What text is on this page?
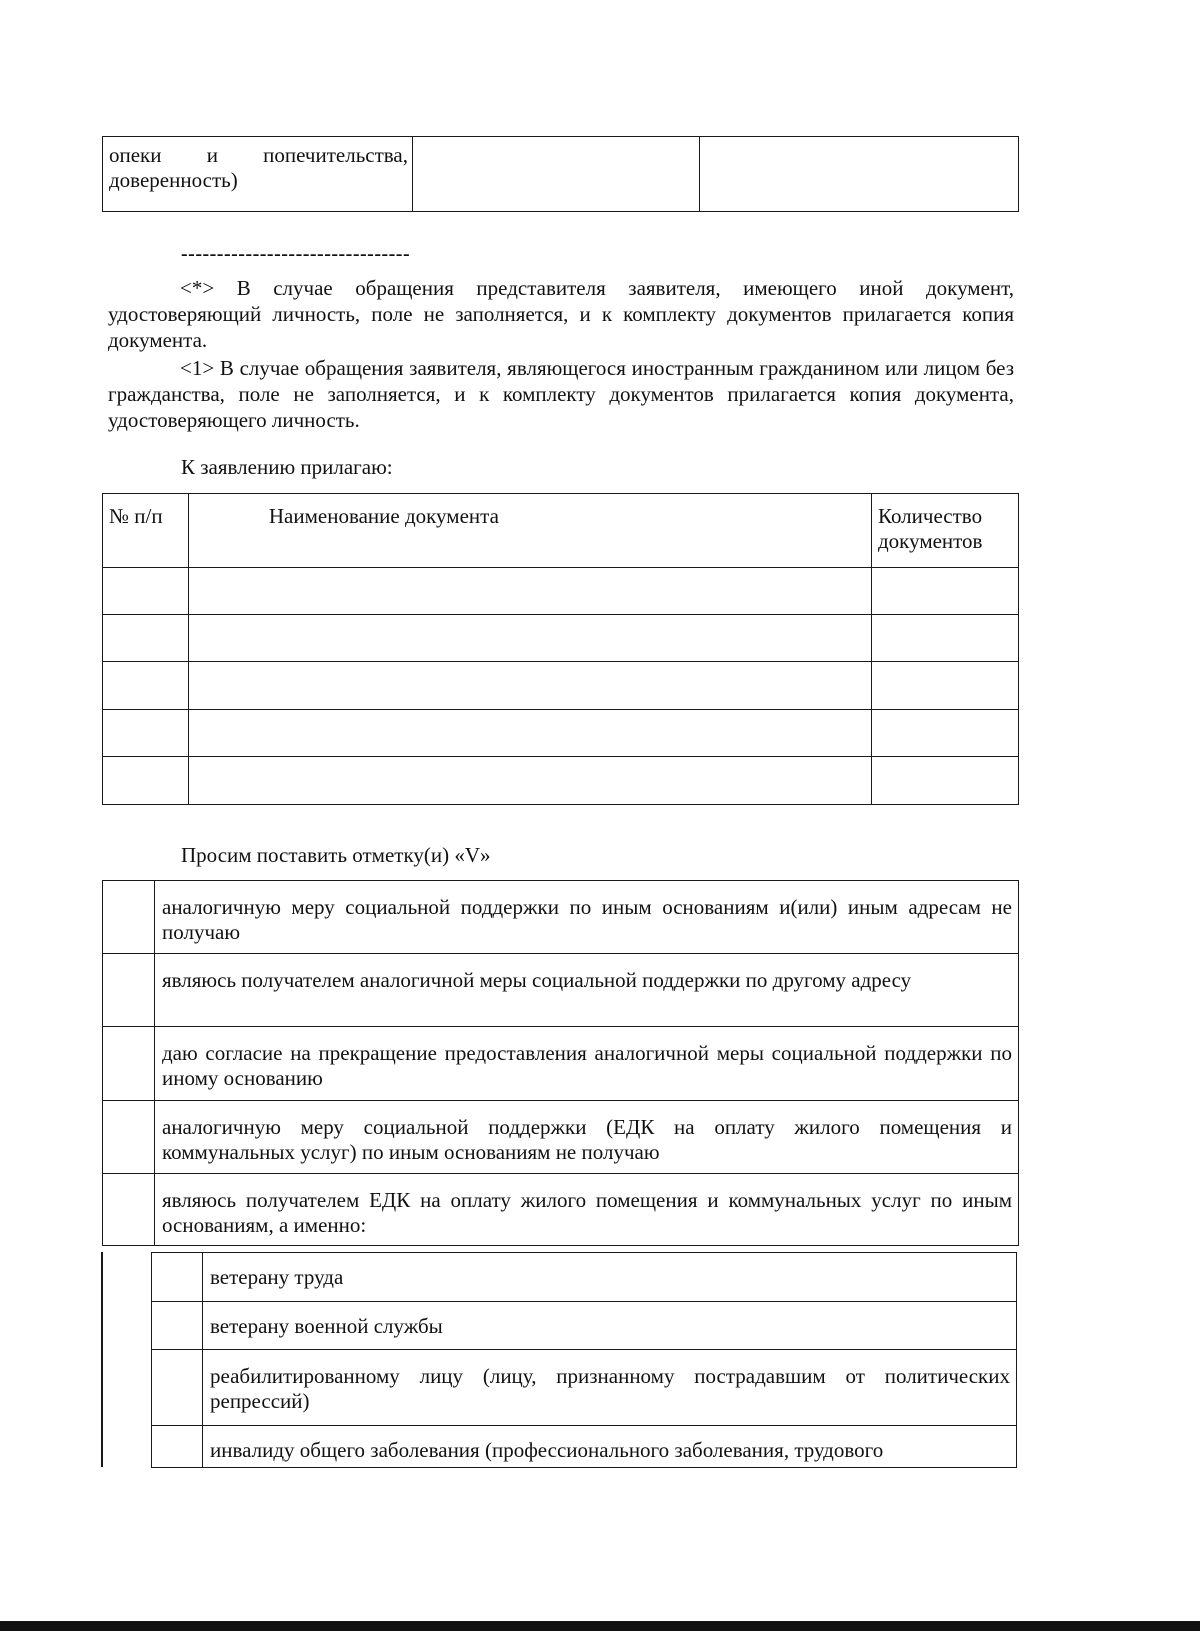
опеки и попечительства, доверенность)

--------------------------------
<*> В случае обращения представителя заявителя, имеющего иной документ, удостоверяющий личность, поле не заполняется, и к комплекту документов прилагается копия документа.
<1> В случае обращения заявителя, являющегося иностранным гражданином или лицом без гражданства, поле не заполняется, и к комплекту документов прилагается копия документа, удостоверяющего личность.
К заявлению прилагаю:
№ п/п	Наименование документа	Количество документов

Просим поставить отметку(и) «V»

	аналогичную меру социальной поддержки по иным основаниям и(или) иным адресам не получаю

	являюсь получателем аналогичной меры социальной поддержки по другому адресу

	даю согласие на прекращение предоставления аналогичной меры социальной поддержки по иному основанию

	аналогичную меру социальной поддержки (ЕДК на оплату жилого помещения и коммунальных услуг) по иным основаниям не получаю

	являюсь получателем ЕДК на оплату жилого помещения и коммунальных услуг по иным основаниям, а именно:

	ветерану труда

	ветерану военной службы

	реабилитированному лицу (лицу, признанному пострадавшим от политических репрессий)

	инвалиду общего заболевания (профессионального заболевания, трудового
